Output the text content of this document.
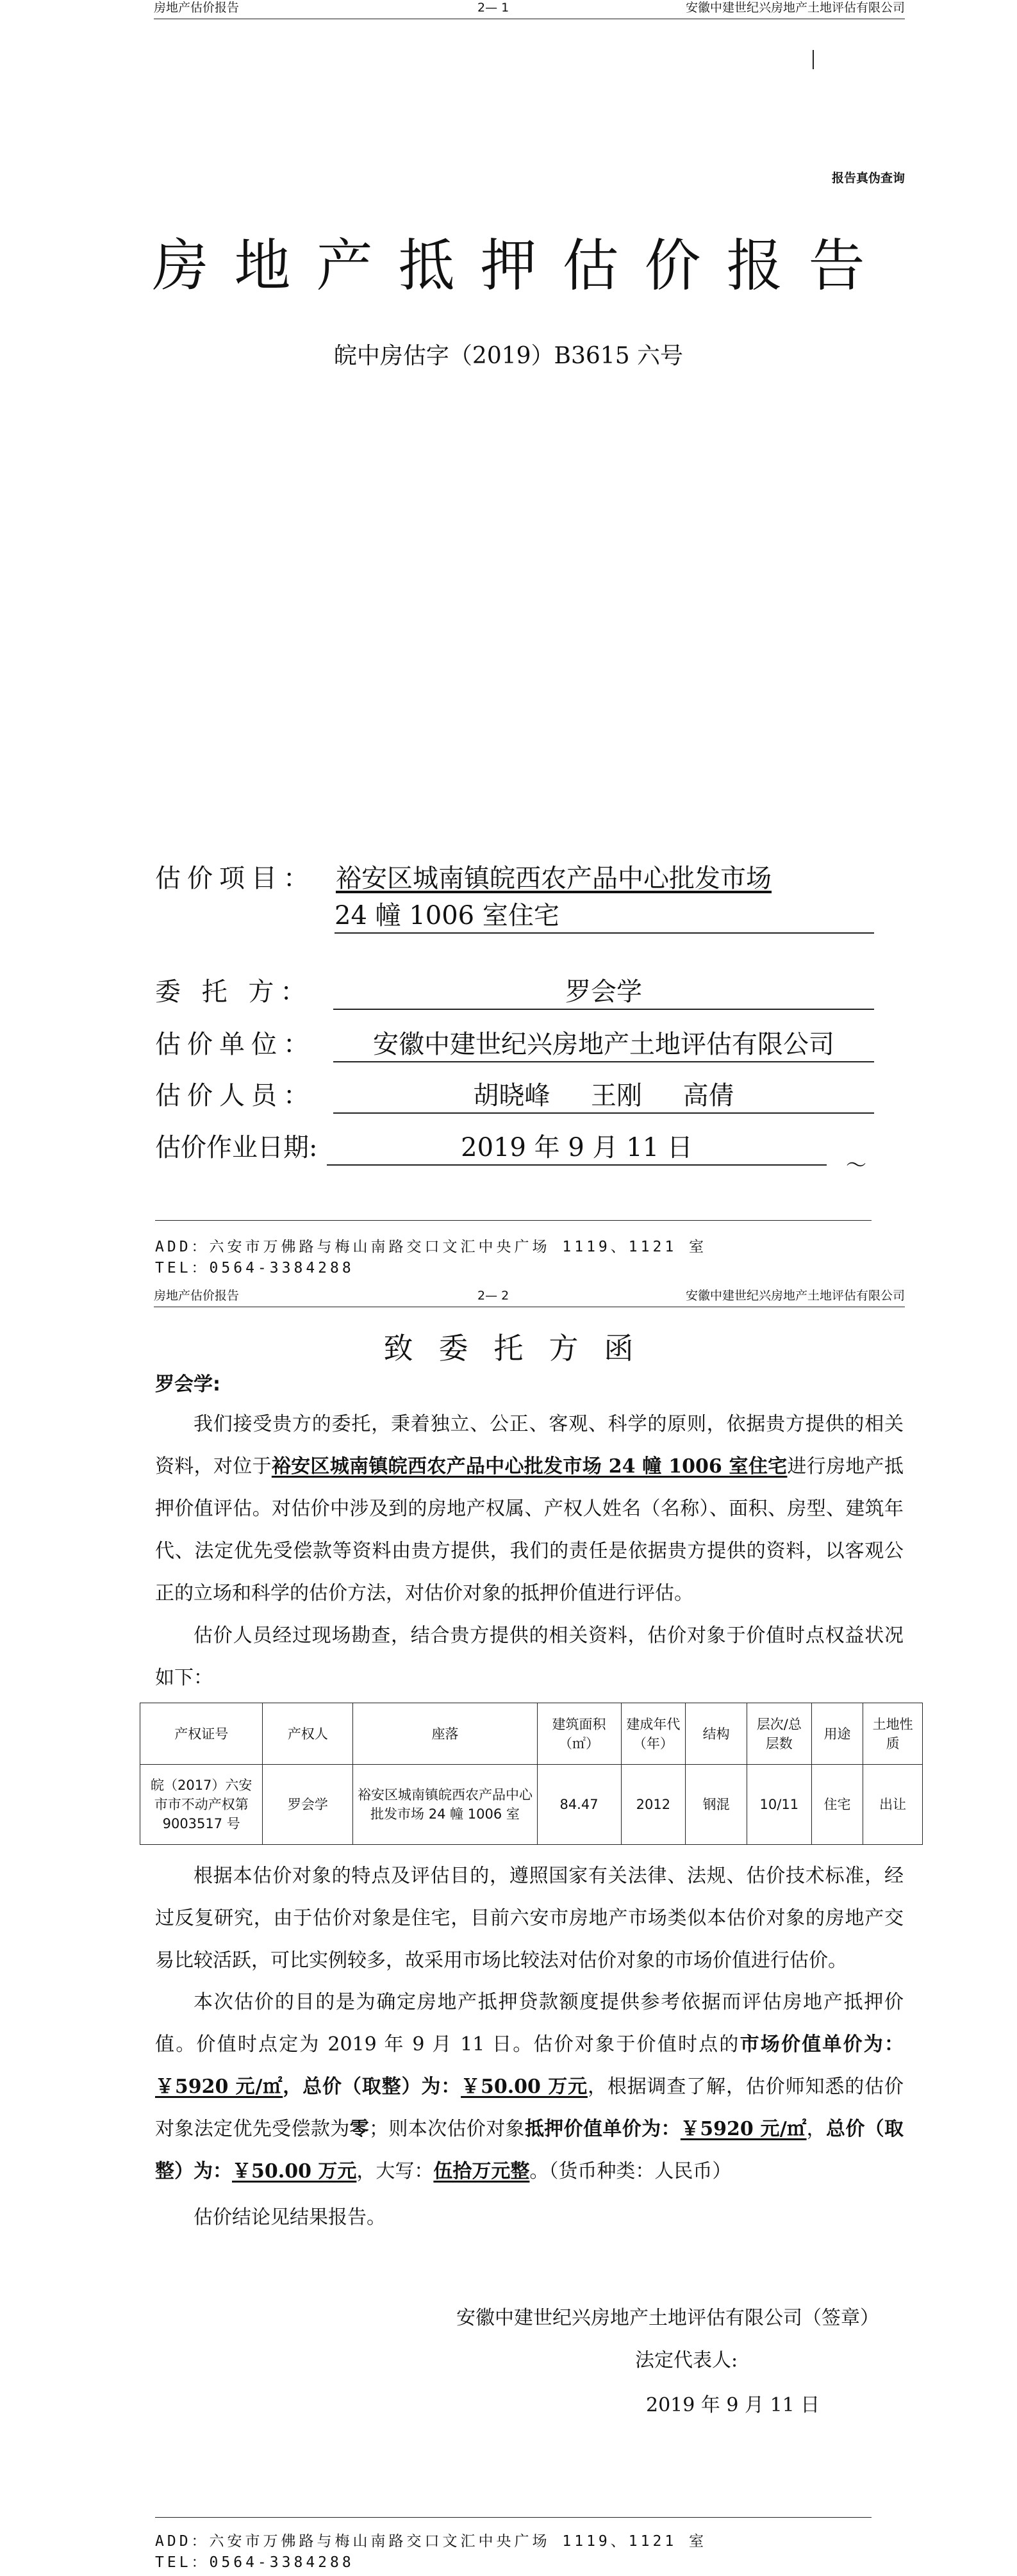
房地产估价报告	2— 1	安徽中建世纪兴房地产土地评估有限公司
报告真伪查询
房地产抵押估价报告
皖中房估字（2019）B3615 六号
估价项目： 裕安区城南镇皖西农产品中心批发市场
24 幢 1006 室住宅
委 托 方：	罗会学
估价单位：	安徽中建世纪兴房地产土地评估有限公司
估价人员：	胡晓峰     王刚     高倩
估价作业日期:	2019 年 9 月 11 日
～
ADD：六安市万佛路与梅山南路交口文汇中央广场 1119、1121 室
TEL：0564-3384288
房地产估价报告	2— 2	安徽中建世纪兴房地产土地评估有限公司
致委托方函
罗会学:
我们接受贵方的委托，秉着独立、公正、客观、科学的原则，依据贵方提供的相关资料，对位于裕安区城南镇皖西农产品中心批发市场 24 幢 1006 室住宅进行房地产抵押价值评估。对估价中涉及到的房地产权属、产权人姓名（名称）、面积、房型、建筑年代、法定优先受偿款等资料由贵方提供，我们的责任是依据贵方提供的资料，以客观公正的立场和科学的估价方法，对估价对象的抵押价值进行评估。
估价人员经过现场勘查，结合贵方提供的相关资料，估价对象于价值时点权益状况如下：
产权证号	产权人	座落	建筑面积（㎡）	建成年代（年）	结构	层次/总层数	用途	土地性质
皖（2017）六安市市不动产权第 9003517 号	罗会学	裕安区城南镇皖西农产品中心批发市场 24 幢 1006 室	84.47	2012	钢混	10/11	住宅	出让
根据本估价对象的特点及评估目的，遵照国家有关法律、法规、估价技术标准，经过反复研究，由于估价对象是住宅，目前六安市房地产市场类似本估价对象的房地产交易比较活跃，可比实例较多，故采用市场比较法对估价对象的市场价值进行估价。
本次估价的目的是为确定房地产抵押贷款额度提供参考依据而评估房地产抵押价值。价值时点定为 2019 年 9 月 11 日。估价对象于价值时点的市场价值单价为：￥5920 元/㎡，总价（取整）为：￥50.00 万元，根据调查了解，估价师知悉的估价对象法定优先受偿款为零；则本次估价对象抵押价值单价为：￥5920 元/㎡，总价（取整）为：￥50.00 万元，大写：伍拾万元整。（货币种类：人民币）
估价结论见结果报告。
安徽中建世纪兴房地产土地评估有限公司（签章）
法定代表人:
2019 年 9 月 11 日
ADD：六安市万佛路与梅山南路交口文汇中央广场 1119、1121 室
TEL：0564-3384288
